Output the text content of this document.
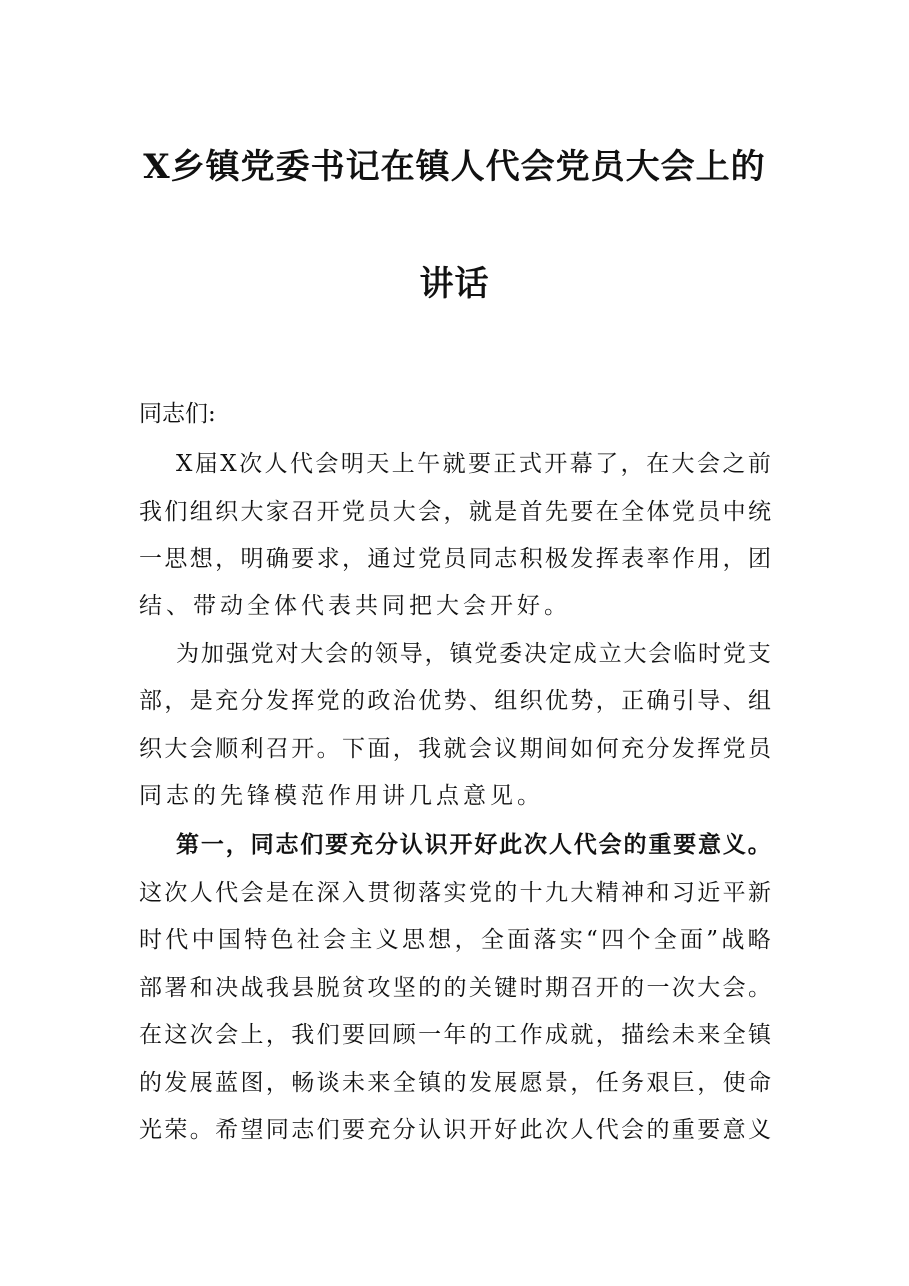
X乡镇党委书记在镇人代会党员大会上的
讲话

同志们:

X 届 X 次 人 代 会 明 天 上 午 就 要 正 式 开 幕 了 ， 在 大 会 之 前
我 们 组 织 大 家 召 开 党 员 大 会 ， 就 是 首 先 要 在 全 体 党 员 中 统
一 思 想 ， 明 确 要 求 ， 通 过 党 员 同 志 积 极 发 挥 表 率 作 用 ， 团
结、带动全体代表共同把大会开好。
为 加 强 党 对 大 会 的 领 导 ， 镇 党 委 决 定 成 立 大 会 临 时 党 支
部 ， 是 充 分 发 挥 党 的 政 治 优 势 、 组 织 优 势 ， 正 确 引 导 、 组
织 大 会 顺 利 召 开 。 下 面 ， 我 就 会 议 期 间 如 何 充 分 发 挥 党 员
同志的先锋模范作用讲几点意见。
第 一 ， 同 志 们 要 充 分 认 识 开 好 此 次 人 代 会 的 重 要 意 义 。
这 次 人 代 会 是 在 深 入 贯 彻 落 实 党 的 十 九 大 精 神 和 习 近 平 新
时 代 中 国 特 色 社 会 主 义 思 想 ， 全 面 落 实 “ 四 个 全 面 ” 战 略
部 署 和 决 战 我 县 脱 贫 攻 坚 的 的 关 键 时 期 召 开 的 一 次 大 会 。
在 这 次 会 上 ， 我 们 要 回 顾 一 年 的 工 作 成 就 ， 描 绘 未 来 全 镇
的 发 展 蓝 图 ， 畅 谈 未 来 全 镇 的 发 展 愿 景 ， 任 务 艰 巨 ， 使 命
光 荣 。 希 望 同 志 们 要 充 分 认 识 开 好 此 次 人 代 会 的 重 要 意 义
